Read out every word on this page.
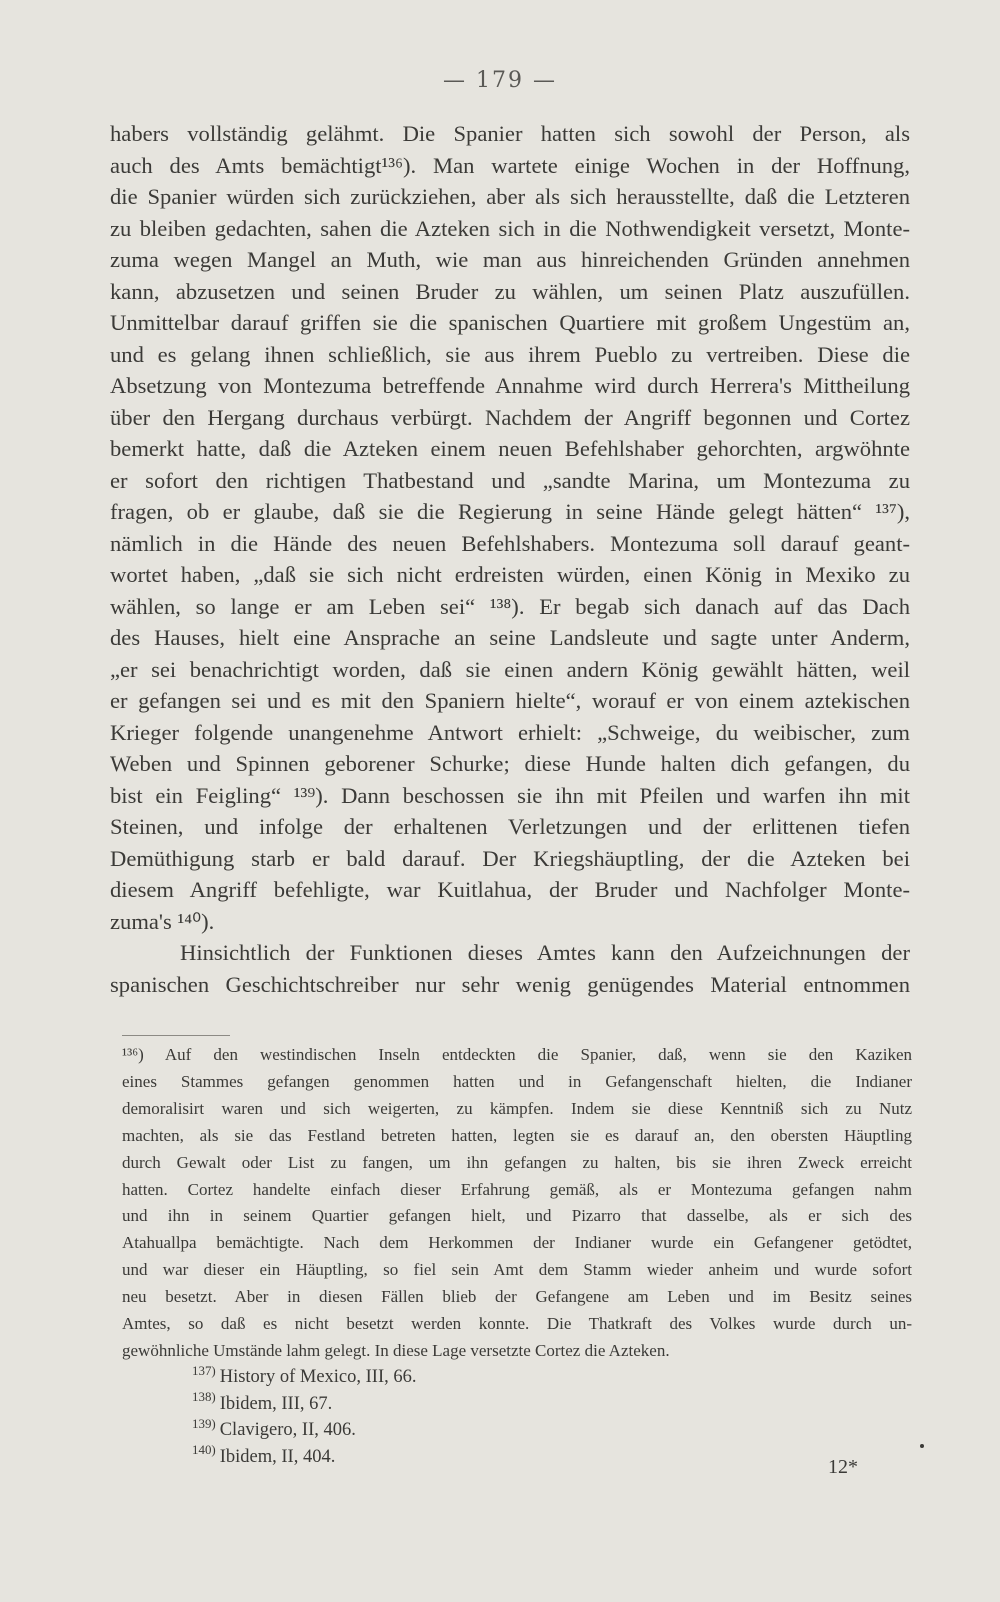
— 179 —
habers vollständig gelähmt. Die Spanier hatten sich sowohl der Person, als
auch des Amts bemächtigt¹³⁶). Man wartete einige Wochen in der Hoffnung,
die Spanier würden sich zurückziehen, aber als sich herausstellte, daß die Letzteren
zu bleiben gedachten, sahen die Azteken sich in die Nothwendigkeit versetzt, Monte-
zuma wegen Mangel an Muth, wie man aus hinreichenden Gründen annehmen
kann, abzusetzen und seinen Bruder zu wählen, um seinen Platz auszufüllen.
Unmittelbar darauf griffen sie die spanischen Quartiere mit großem Ungestüm an,
und es gelang ihnen schließlich, sie aus ihrem Pueblo zu vertreiben. Diese die
Absetzung von Montezuma betreffende Annahme wird durch Herrera's Mittheilung
über den Hergang durchaus verbürgt. Nachdem der Angriff begonnen und Cortez
bemerkt hatte, daß die Azteken einem neuen Befehlshaber gehorchten, argwöhnte
er sofort den richtigen Thatbestand und „sandte Marina, um Montezuma zu
fragen, ob er glaube, daß sie die Regierung in seine Hände gelegt hätten“ ¹³⁷),
nämlich in die Hände des neuen Befehlshabers. Montezuma soll darauf geant-
wortet haben, „daß sie sich nicht erdreisten würden, einen König in Mexiko zu
wählen, so lange er am Leben sei“ ¹³⁸). Er begab sich danach auf das Dach
des Hauses, hielt eine Ansprache an seine Landsleute und sagte unter Anderm,
„er sei benachrichtigt worden, daß sie einen andern König gewählt hätten, weil
er gefangen sei und es mit den Spaniern hielte“, worauf er von einem aztekischen
Krieger folgende unangenehme Antwort erhielt: „Schweige, du weibischer, zum
Weben und Spinnen geborener Schurke; diese Hunde halten dich gefangen, du
bist ein Feigling“ ¹³⁹). Dann beschossen sie ihn mit Pfeilen und warfen ihn mit
Steinen, und infolge der erhaltenen Verletzungen und der erlittenen tiefen
Demüthigung starb er bald darauf. Der Kriegshäuptling, der die Azteken bei
diesem Angriff befehligte, war Kuitlahua, der Bruder und Nachfolger Monte-
zuma's ¹⁴⁰).
Hinsichtlich der Funktionen dieses Amtes kann den Aufzeichnungen der
spanischen Geschichtschreiber nur sehr wenig genügendes Material entnommen
¹³⁶) Auf den westindischen Inseln entdeckten die Spanier, daß, wenn sie den Kaziken
eines Stammes gefangen genommen hatten und in Gefangenschaft hielten, die Indianer
demoralisirt waren und sich weigerten, zu kämpfen. Indem sie diese Kenntniß sich zu Nutz
machten, als sie das Festland betreten hatten, legten sie es darauf an, den obersten Häuptling
durch Gewalt oder List zu fangen, um ihn gefangen zu halten, bis sie ihren Zweck erreicht
hatten. Cortez handelte einfach dieser Erfahrung gemäß, als er Montezuma gefangen nahm
und ihn in seinem Quartier gefangen hielt, und Pizarro that dasselbe, als er sich des
Atahuallpa bemächtigte. Nach dem Herkommen der Indianer wurde ein Gefangener getödtet,
und war dieser ein Häuptling, so fiel sein Amt dem Stamm wieder anheim und wurde sofort
neu besetzt. Aber in diesen Fällen blieb der Gefangene am Leben und im Besitz seines
Amtes, so daß es nicht besetzt werden konnte. Die Thatkraft des Volkes wurde durch un-
gewöhnliche Umstände lahm gelegt. In diese Lage versetzte Cortez die Azteken.
$^{137)}$ History of Mexico, III, 66.
$^{138)}$ Ibidem, III, 67.
$^{139)}$ Clavigero, II, 406.
$^{140)}$ Ibidem, II, 404.	12*
